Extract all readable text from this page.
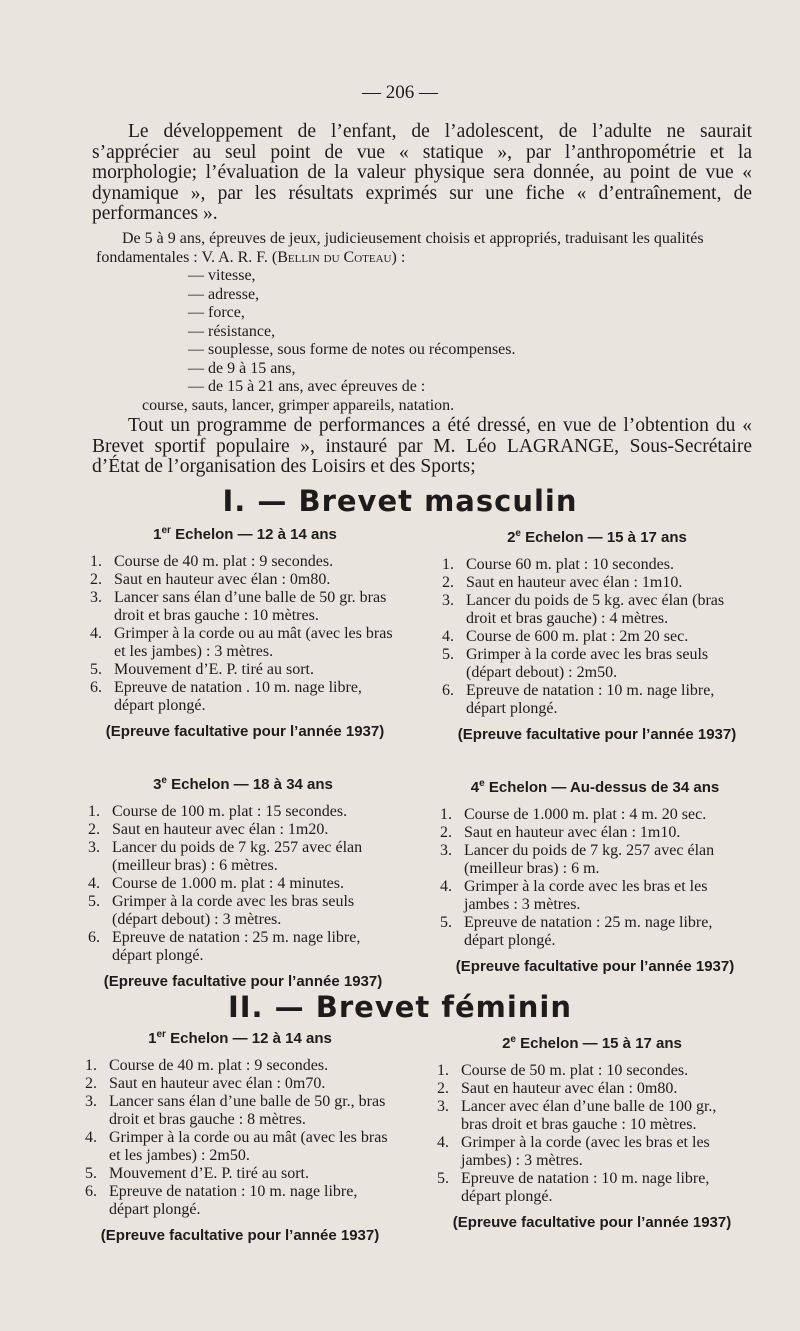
— 206 —

Le développement de l’enfant, de l’adolescent, de l’adulte ne saurait s’apprécier au seul point de vue « statique », par l’anthropométrie et la morphologie; l’évaluation de la valeur physique sera donnée, au point de vue « dynamique », par les résultats exprimés sur une fiche « d’entraînement, de performances ».

De 5 à 9 ans, épreuves de jeux, judicieusement choisis et appropriés, traduisant les qualités fondamentales : V. A. R. F. (Bellin du Coteau) :

— vitesse,
— adresse,
— force,
— résistance,
— souplesse, sous forme de notes ou récompenses.
— de 9 à 15 ans,
— de 15 à 21 ans, avec épreuves de :
course, sauts, lancer, grimper appareils, natation.

Tout un programme de performances a été dressé, en vue de l’obtention du « Brevet sportif populaire », instauré par M. Léo LAGRANGE, Sous-Secrétaire d’État de l’organisation des Loisirs et des Sports;

I. — Brevet masculin
1er Echelon — 12 à 14 ans
1. Course de 40 m. plat : 9 secondes.
2. Saut en hauteur avec élan : 0m80.
3. Lancer sans élan d’une balle de 50 gr. bras droit et bras gauche : 10 mètres.
4. Grimper à la corde ou au mât (avec les bras et les jambes) : 3 mètres.
5. Mouvement d’E. P. tiré au sort.
6. Epreuve de natation . 10 m. nage libre, départ plongé.
(Epreuve facultative pour l’année 1937)
2e Echelon — 15 à 17 ans
1. Course 60 m. plat : 10 secondes.
2. Saut en hauteur avec élan : 1m10.
3. Lancer du poids de 5 kg. avec élan (bras droit et bras gauche) : 4 mètres.
4. Course de 600 m. plat : 2m 20 sec.
5. Grimper à la corde avec les bras seuls (départ debout) : 2m50.
6. Epreuve de natation : 10 m. nage libre, départ plongé.
(Epreuve facultative pour l’année 1937)
3e Echelon — 18 à 34 ans
1. Course de 100 m. plat : 15 secondes.
2. Saut en hauteur avec élan : 1m20.
3. Lancer du poids de 7 kg. 257 avec élan (meilleur bras) : 6 mètres.
4. Course de 1.000 m. plat : 4 minutes.
5. Grimper à la corde avec les bras seuls (départ debout) : 3 mètres.
6. Epreuve de natation : 25 m. nage libre, départ plongé.
(Epreuve facultative pour l’année 1937)
4e Echelon — Au-dessus de 34 ans
1. Course de 1.000 m. plat : 4 m. 20 sec.
2. Saut en hauteur avec élan : 1m10.
3. Lancer du poids de 7 kg. 257 avec élan (meilleur bras) : 6 m.
4. Grimper à la corde avec les bras et les jambes : 3 mètres.
5. Epreuve de natation : 25 m. nage libre, départ plongé.
(Epreuve facultative pour l’année 1937)
II. — Brevet féminin
1er Echelon — 12 à 14 ans
1. Course de 40 m. plat : 9 secondes.
2. Saut en hauteur avec élan : 0m70.
3. Lancer sans élan d’une balle de 50 gr., bras droit et bras gauche : 8 mètres.
4. Grimper à la corde ou au mât (avec les bras et les jambes) : 2m50.
5. Mouvement d’E. P. tiré au sort.
6. Epreuve de natation : 10 m. nage libre, départ plongé.
(Epreuve facultative pour l’année 1937)
2e Echelon — 15 à 17 ans
1. Course de 50 m. plat : 10 secondes.
2. Saut en hauteur avec élan : 0m80.
3. Lancer avec élan d’une balle de 100 gr., bras droit et bras gauche : 10 mètres.
4. Grimper à la corde (avec les bras et les jambes) : 3 mètres.
5. Epreuve de natation : 10 m. nage libre, départ plongé.
(Epreuve facultative pour l’année 1937)
